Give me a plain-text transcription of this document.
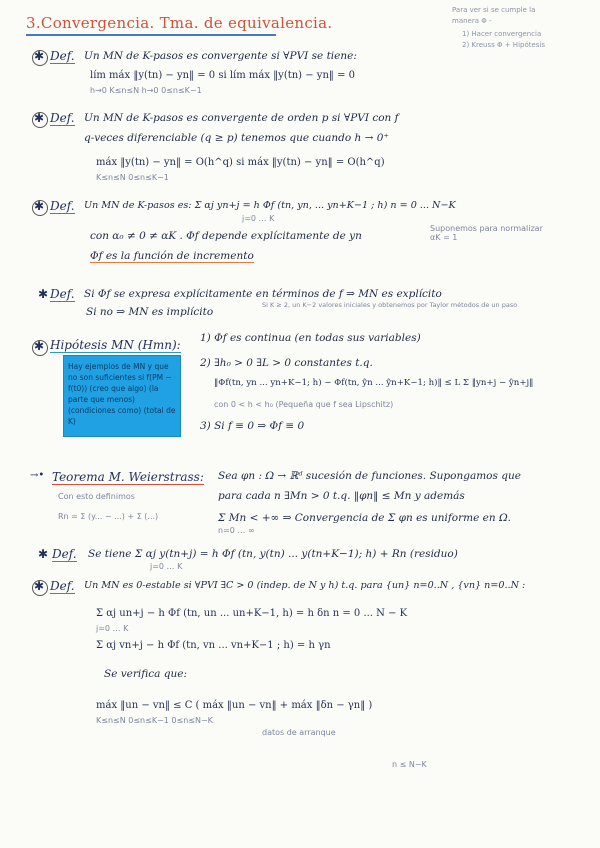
3.Convergencia. Tma. de equivalencia.
Para ver si se cumple la
manera Φ -
1) Hacer convergencia
2) Kreuss Φ + Hipótesis
✱ Def. Un MN de K-pasos es convergente si ∀PVI se tiene:
lím máx ‖y(tn) − yn‖ = 0 si lím máx ‖y(tn) − yn‖ = 0
h→0 K≤n≤N h→0 0≤n≤K−1
✱ Def. Un MN de K-pasos es convergente de orden p si ∀PVI con f
q-veces diferenciable (q ≥ p) tenemos que cuando h → 0⁺
máx ‖y(tn) − yn‖ = O(h^q) si máx ‖y(tn) − yn‖ = O(h^q)
K≤n≤N 0≤n≤K−1
✱ Def. Un MN de K-pasos es: Σ αj yn+j = h Φf (tn, yn, ... yn+K−1 ; h) n = 0 ... N−K
j=0 … K
con α₀ ≠ 0 ≠ αK . Φf depende explícitamente de yn
Φf es la función de incremento
Suponemos para normalizar αK = 1
✱ Def. Si Φf se expresa explícitamente en términos de f ⇒ MN es explícito
Si no ⇒ MN es implícito
Si K ≥ 2, un K−2 valores iniciales y obtenemos por Taylor métodos de un paso
✱ Hipótesis MN (Hmn): 1) Φf es continua (en todas sus variables)
2) ∃h₀ > 0 ∃L > 0 constantes t.q.
‖Φf(tn, yn ... yn+K−1; h) − Φf(tn, ŷn ... ŷn+K−1; h)‖ ≤ L Σ ‖yn+j − ŷn+j‖
con 0 < h < h₀ (Pequeña que f sea Lipschitz)
3) Si f ≡ 0 ⇒ Φf ≡ 0
Hay ejemplos de MN y que no son suficientes si f(PM − f(t0)) (creo que algo) (la parte que menos) (condiciones como) (total de K)
→• Teorema M. Weierstrass: Sea φn : Ω → ℝᵈ sucesión de funciones. Supongamos que
para cada n ∃Mn > 0 t.q. ‖φn‖ ≤ Mn y además
Σ Mn < +∞ ⇒ Convergencia de Σ φn es uniforme en Ω.
n=0 … ∞
Con esto definimos
Rn = Σ (y... − ...) + Σ (...)
✱ Def. Se tiene Σ αj y(tn+j) = h Φf (tn, y(tn) ... y(tn+K−1); h) + Rn (residuo)
j=0 … K
✱ Def. Un MN es 0-estable si ∀PVI ∃C > 0 (indep. de N y h) t.q. para {un} n=0..N , {vn} n=0..N :
Σ αj un+j − h Φf (tn, un ... un+K−1, h) = h δn n = 0 ... N − K
Σ αj vn+j − h Φf (tn, vn ... vn+K−1 ; h) = h γn
j=0 … K
Se verifica que:
máx ‖un − vn‖ ≤ C ( máx ‖un − vn‖ + máx ‖δn − γn‖ )
K≤n≤N 0≤n≤K−1 0≤n≤N−K
datos de arranque
n ≤ N−K
